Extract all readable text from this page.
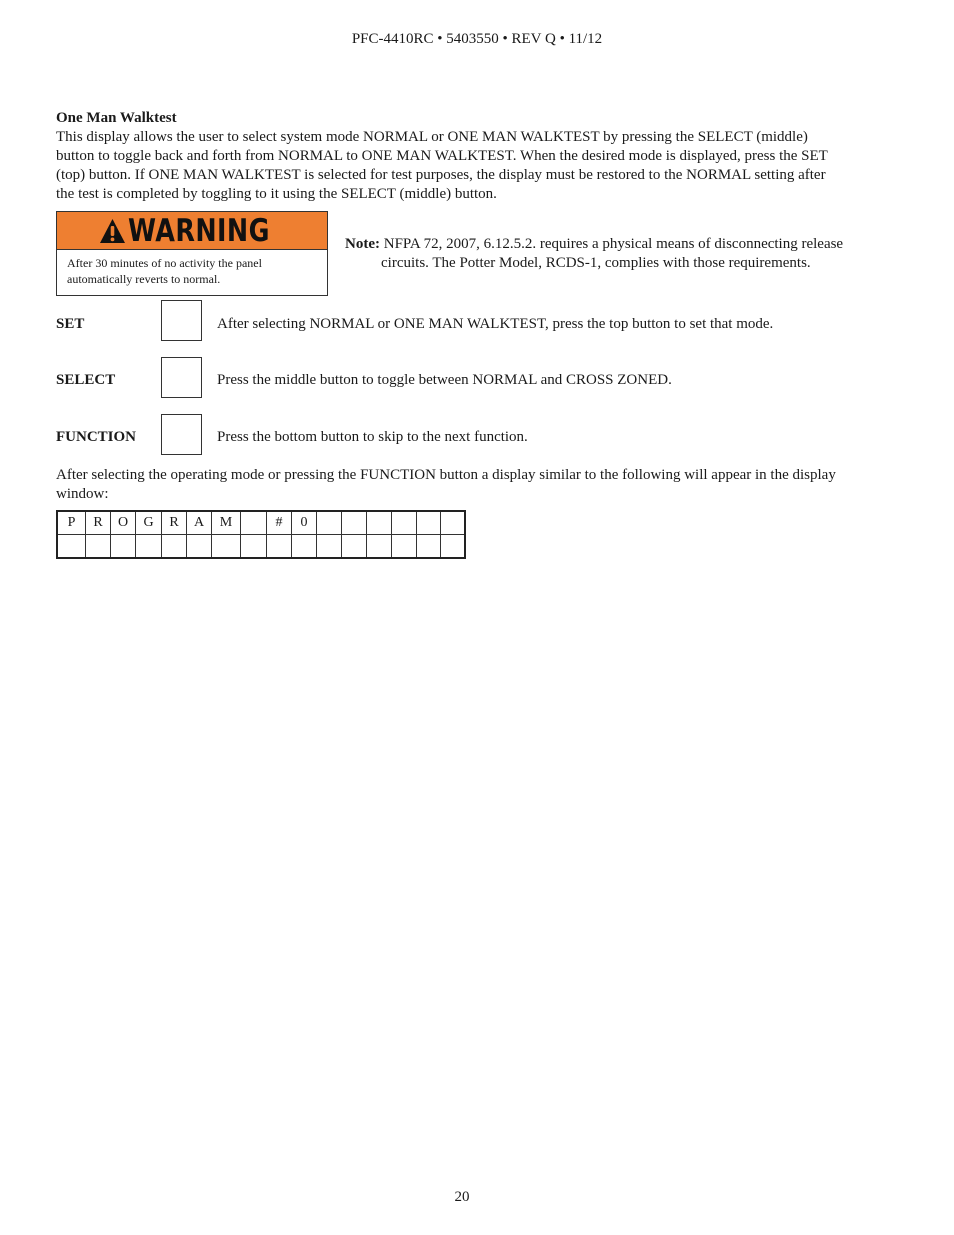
PFC-4410RC • 5403550 • REV Q • 11/12
One Man Walktest

This display allows the user to select system mode NORMAL or ONE MAN WALKTEST by pressing the SELECT (middle)

button to toggle back and forth from NORMAL to ONE MAN WALKTEST. When the desired mode is displayed, press the SET

(top) button. If ONE MAN WALKTEST is selected for test purposes, the display must be restored to the NORMAL setting after

the test is completed by toggling to it using the SELECT (middle) button.

WARNING
After 30 minutes of no activity the panel
automatically reverts to normal.
Note: NFPA 72, 2007, 6.12.5.2. requires a physical means of disconnecting release
circuits. The Potter Model, RCDS-1, complies with those requirements.
SET	After selecting NORMAL or ONE MAN WALKTEST, press the top button to set that mode.
SELECT	Press the middle button to toggle between NORMAL and CROSS ZONED.
FUNCTION	Press the bottom button to skip to the next function.
After selecting the operating mode or pressing the FUNCTION button a display similar to the following will appear in the display
window:
P	R	O	G	R	A	M		#	0						

20
